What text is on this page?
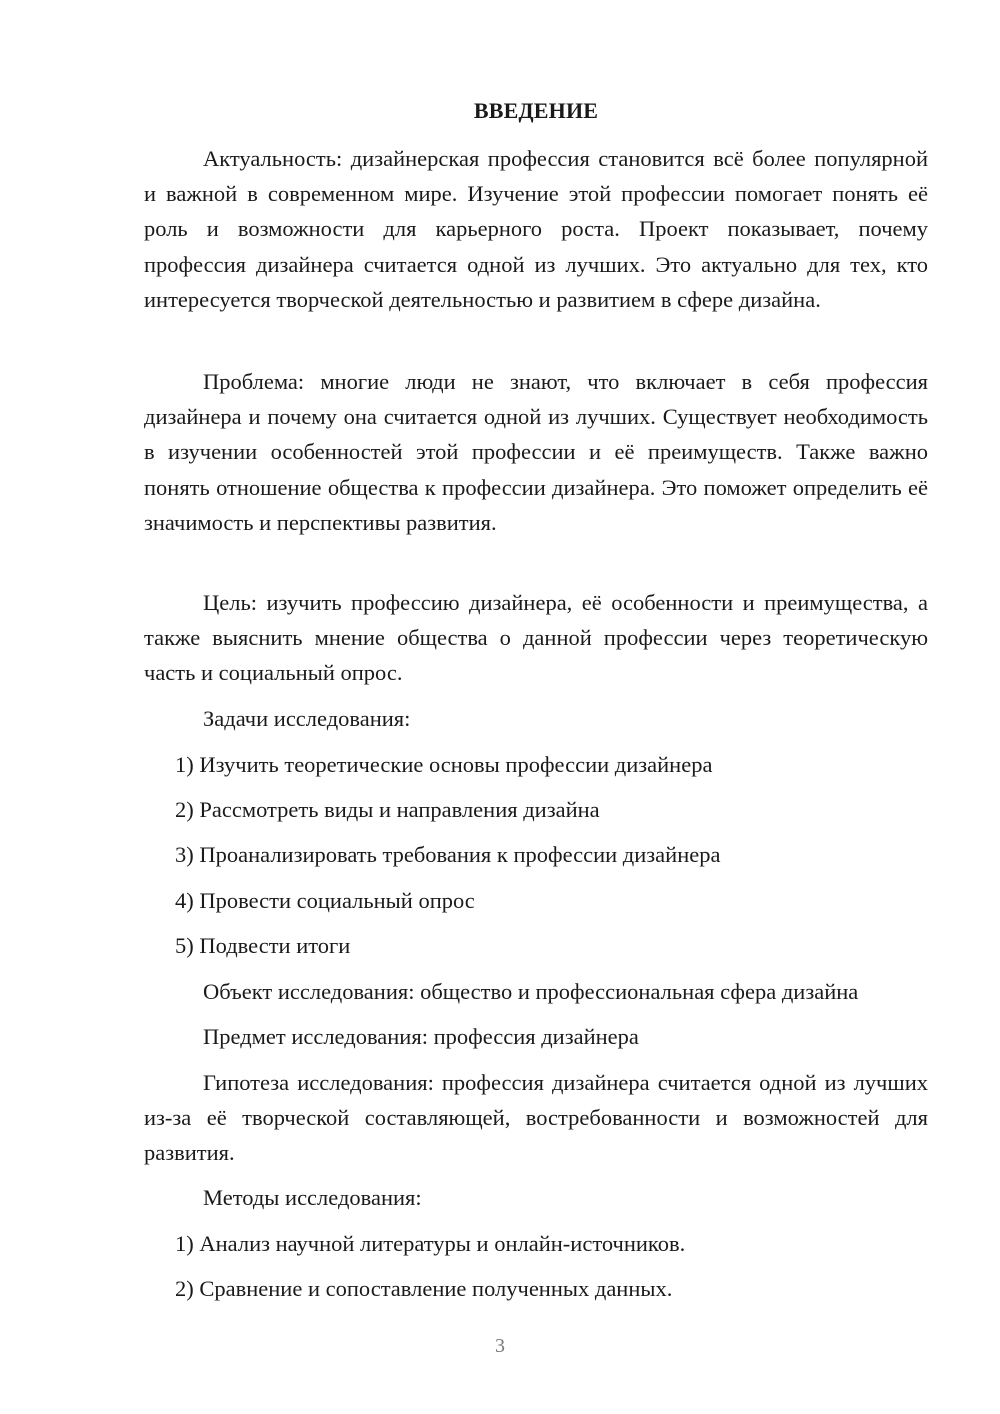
ВВЕДЕНИЕ

Актуальность: дизайнерская профессия становится всё более популярной и важной в современном мире. Изучение этой профессии помогает понять её роль и возможности для карьерного роста. Проект показывает, почему профессия дизайнера считается одной из лучших. Это актуально для тех, кто интересуется творческой деятельностью и развитием в сфере дизайна.

Проблема: многие люди не знают, что включает в себя профессия дизайнера и почему она считается одной из лучших. Существует необходимость в изучении особенностей этой профессии и её преимуществ. Также важно понять отношение общества к профессии дизайнера. Это поможет определить её значимость и перспективы развития.

Цель: изучить профессию дизайнера, её особенности и преимущества, а также выяснить мнение общества о данной профессии через теоретическую часть и социальный опрос.

Задачи исследования:
1) Изучить теоретические основы профессии дизайнера
2) Рассмотреть виды и направления дизайна
3) Проанализировать требования к профессии дизайнера
4) Провести социальный опрос
5) Подвести итоги
Объект исследования: общество и профессиональная сфера дизайна
Предмет исследования: профессия дизайнера

Гипотеза исследования: профессия дизайнера считается одной из лучших из-за её творческой составляющей, востребованности и возможностей для развития.

Методы исследования:
1) Анализ научной литературы и онлайн-источников.
2) Сравнение и сопоставление полученных данных.
3
